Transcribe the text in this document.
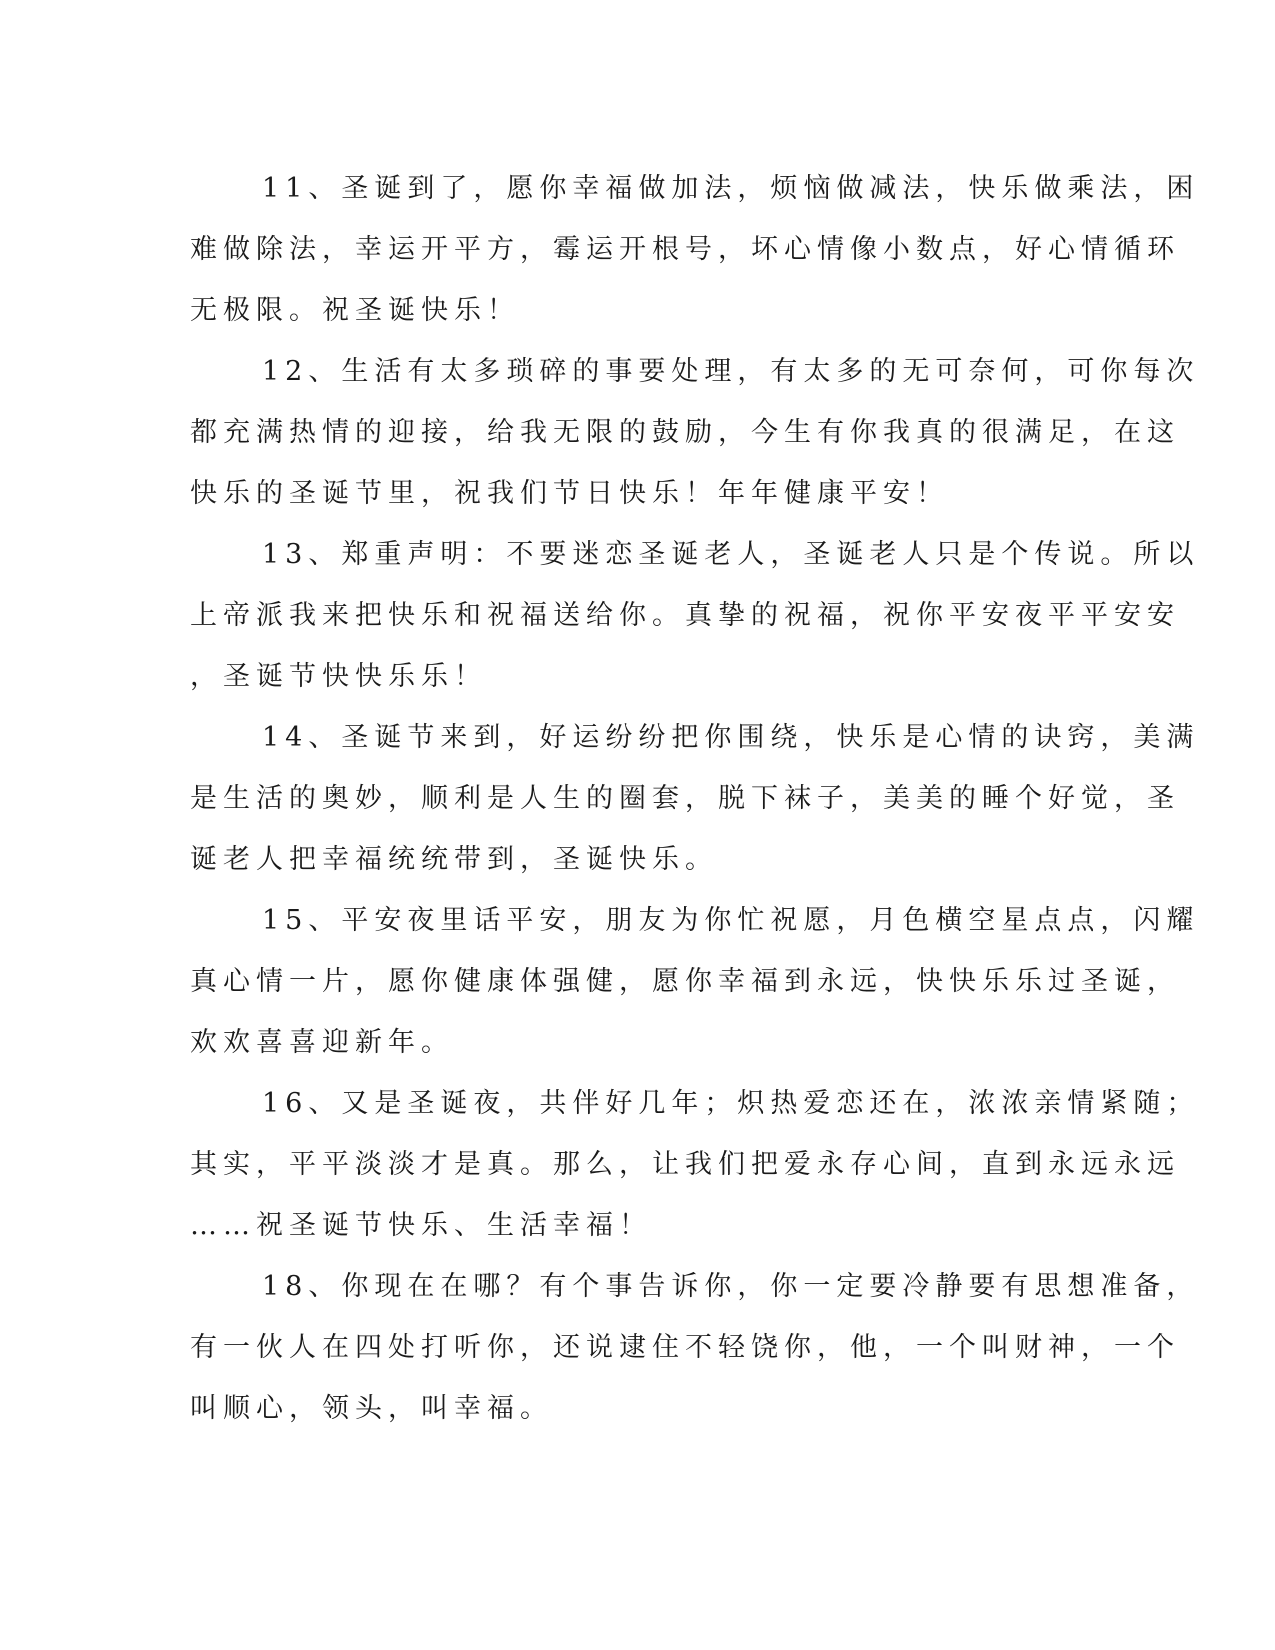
11、圣诞到了，愿你幸福做加法，烦恼做减法，快乐做乘法，困
难做除法，幸运开平方，霉运开根号，坏心情像小数点，好心情循环
无极限。祝圣诞快乐！
12、生活有太多琐碎的事要处理，有太多的无可奈何，可你每次
都充满热情的迎接，给我无限的鼓励，今生有你我真的很满足，在这
快乐的圣诞节里，祝我们节日快乐！年年健康平安！
13、郑重声明：不要迷恋圣诞老人，圣诞老人只是个传说。所以
上帝派我来把快乐和祝福送给你。真挚的祝福，祝你平安夜平平安安
，圣诞节快快乐乐！
14、圣诞节来到，好运纷纷把你围绕，快乐是心情的诀窍，美满
是生活的奥妙，顺利是人生的圈套，脱下袜子，美美的睡个好觉，圣
诞老人把幸福统统带到，圣诞快乐。
15、平安夜里话平安，朋友为你忙祝愿，月色横空星点点，闪耀
真心情一片，愿你健康体强健，愿你幸福到永远，快快乐乐过圣诞，
欢欢喜喜迎新年。
16、又是圣诞夜，共伴好几年；炽热爱恋还在，浓浓亲情紧随；
其实，平平淡淡才是真。那么，让我们把爱永存心间，直到永远永远
……祝圣诞节快乐、生活幸福！
18、你现在在哪？有个事告诉你，你一定要冷静要有思想准备，
有一伙人在四处打听你，还说逮住不轻饶你，他，一个叫财神，一个
叫顺心，领头，叫幸福。
